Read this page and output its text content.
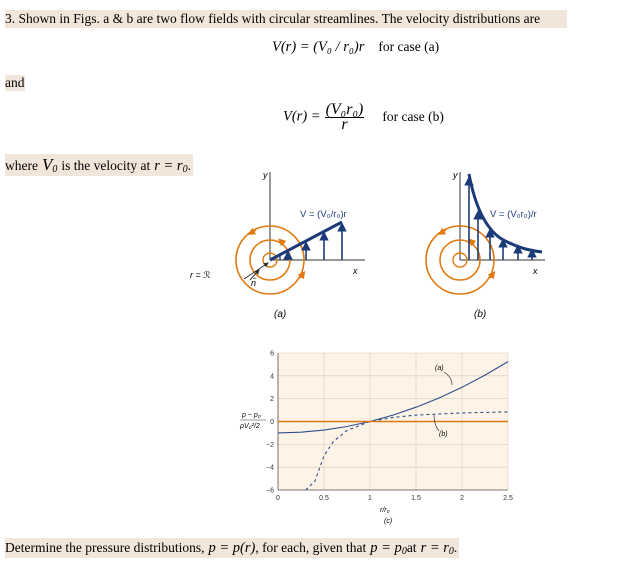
3. Shown in Figs. a & b are two flow fields with circular streamlines. The velocity distributions are
V(r) = (V₀ / r₀)r for case (a)
and
$V(r) = \frac{\text{(V₀r₀)}}{r}$ for case (b)
where $V_0$ is the velocity at $r = r_0$.
y
x
V = (V₀/r₀)r
r = ℛ
n̂
(a)
y
x
V = (V₀r₀)/r
(b)
0	0.5	1	1.5	2	2.5
6
4
2
0
−2
−4
−6
p − p₀
ρV₀²/2
r/r₀
(c)
(a)
(b)
Determine the pressure distributions, p = p(r), for each, given that $p = p_0at$ $r = r_0$.
